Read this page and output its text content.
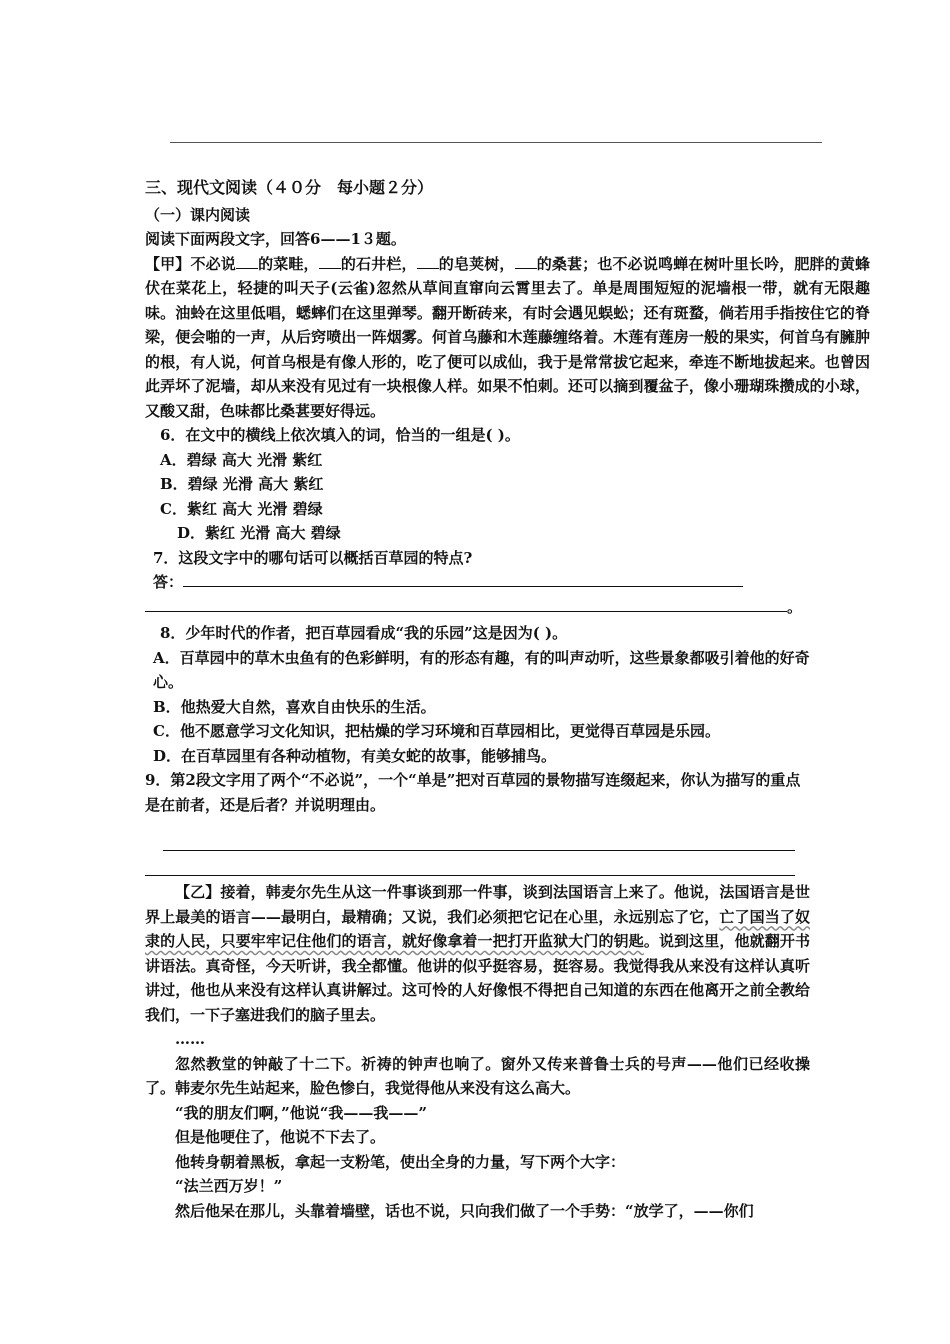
三、现代文阅读（４０分　每小题２分）

（一）课内阅读

阅读下面两段文字，回答6——1３题。

【甲】不必说 的菜畦， 的石井栏， 的皂荚树， 的桑葚；也不必说鸣蝉在树叶里长吟，肥胖的黄蜂伏在菜花上，轻捷的叫天子(云雀)忽然从草间直窜向云霄里去了。单是周围短短的泥墙根一带，就有无限趣味。油蛉在这里低唱，蟋蟀们在这里弹琴。翻开断砖来，有时会遇见蜈蚣；还有斑蝥，倘若用手指按住它的脊梁，便会啪的一声，从后窍喷出一阵烟雾。何首乌藤和木莲藤缠络着。木莲有莲房一般的果实，何首乌有臃肿的根，有人说，何首乌根是有像人形的，吃了便可以成仙，我于是常常拔它起来，牵连不断地拔起来。也曾因此弄坏了泥墙，却从来没有见过有一块根像人样。如果不怕刺。还可以摘到覆盆子，像小珊瑚珠攒成的小球，又酸又甜，色味都比桑葚要好得远。

6．在文中的横线上依次填入的词，恰当的一组是( )。

A．碧绿 高大 光滑 紫红

B．碧绿 光滑 高大 紫红

C．紫红 高大 光滑 碧绿

D．紫红 光滑 高大 碧绿

7．这段文字中的哪句话可以概括百草园的特点?

答：

。

8．少年时代的作者，把百草园看成“我的乐园”这是因为( )。

A．百草园中的草木虫鱼有的色彩鲜明，有的形态有趣，有的叫声动听，这些景象都吸引着他的好奇心。

B．他热爱大自然，喜欢自由快乐的生活。

C．他不愿意学习文化知识，把枯燥的学习环境和百草园相比，更觉得百草园是乐园。

D．在百草园里有各种动植物，有美女蛇的故事，能够捕鸟。

9．第2段文字用了两个“不必说”，一个“单是”把对百草园的景物描写连缀起来，你认为描写的重点是在前者，还是后者？并说明理由。

【乙】接着，韩麦尔先生从这一件事谈到那一件事，谈到法国语言上来了。他说，法国语言是世界上最美的语言——最明白，最精确；又说，我们必须把它记在心里，永远别忘了它，亡了国当了奴隶的人民，只要牢牢记住他们的语言，就好像拿着一把打开监狱大门的钥匙。说到这里，他就翻开书讲语法。真奇怪，今天听讲，我全都懂。他讲的似乎挺容易，挺容易。我觉得我从来没有这样认真听讲过，他也从来没有这样认真讲解过。这可怜的人好像恨不得把自己知道的东西在他离开之前全教给我们，一下子塞进我们的脑子里去。

……

忽然教堂的钟敲了十二下。祈祷的钟声也响了。窗外又传来普鲁士兵的号声——他们已经收操了。韩麦尔先生站起来，脸色惨白，我觉得他从来没有这么高大。

“我的朋友们啊，”他说“我——我——”

但是他哽住了，他说不下去了。

他转身朝着黑板，拿起一支粉笔，使出全身的力量，写下两个大字：

“法兰西万岁！”

然后他呆在那儿，头靠着墙壁，话也不说，只向我们做了一个手势：“放学了，——你们
